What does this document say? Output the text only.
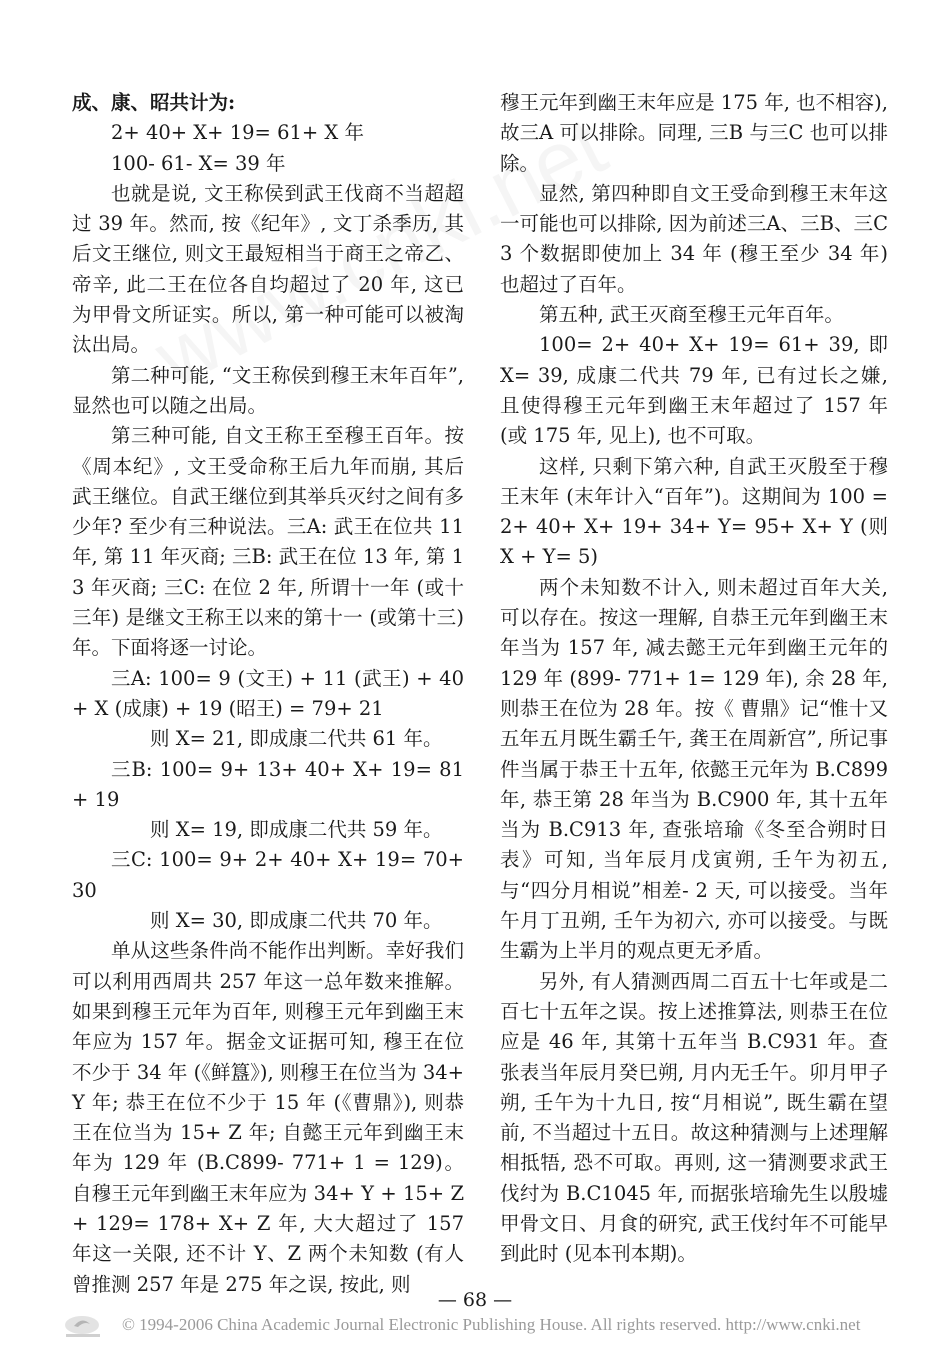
成、康、昭共计为:

2+ 40+ X+ 19= 61+ X 年

100- 61- X= 39 年

也就是说, 文王称侯到武王伐商不当超超过 39 年。然而, 按《纪年》, 文丁杀季历, 其后文王继位, 则文王最短相当于商王之帝乙、帝辛, 此二王在位各自均超过了 20 年, 这已为甲骨文所证实。所以, 第一种可能可以被淘汰出局。

第二种可能, “文王称侯到穆王末年百年”, 显然也可以随之出局。

第三种可能, 自文王称王至穆王百年。按《周本纪》, 文王受命称王后九年而崩, 其后武王继位。自武王继位到其举兵灭纣之间有多少年? 至少有三种说法。三A: 武王在位共 11 年, 第 11 年灭商; 三B: 武王在位 13 年, 第 13 年灭商; 三C: 在位 2 年, 所谓十一年 (或十三年) 是继文王称王以来的第十一 (或第十三) 年。下面将逐一讨论。

三A: 100= 9 (文王) + 11 (武王) + 40+ X (成康) + 19 (昭王) = 79+ 21

则 X= 21, 即成康二代共 61 年。

三B: 100= 9+ 13+ 40+ X+ 19= 81+ 19

则 X= 19, 即成康二代共 59 年。

三C: 100= 9+ 2+ 40+ X+ 19= 70+ 30

则 X= 30, 即成康二代共 70 年。

单从这些条件尚不能作出判断。幸好我们可以利用西周共 257 年这一总年数来推解。如果到穆王元年为百年, 则穆王元年到幽王末年应为 157 年。据金文证据可知, 穆王在位不少于 34 年 (《鲜簋》), 则穆王在位当为 34+ Y 年; 恭王在位不少于 15 年 (《曹鼎》), 则恭王在位当为 15+ Z 年; 自懿王元年到幽王末年为 129 年 (B.C899- 771+ 1 = 129)。自穆王元年到幽王末年应为 34+ Y + 15+ Z+ 129= 178+ X+ Z 年, 大大超过了 157 年这一关限, 还不计 Y、Z 两个未知数 (有人曾推测 257 年是 275 年之误, 按此, 则

穆王元年到幽王末年应是 175 年, 也不相容), 故三A 可以排除。同理, 三B 与三C 也可以排除。

显然, 第四种即自文王受命到穆王末年这一可能也可以排除, 因为前述三A、三B、三C3 个数据即使加上 34 年 (穆王至少 34 年) 也超过了百年。

第五种, 武王灭商至穆王元年百年。

100= 2+ 40+ X+ 19= 61+ 39, 即 X= 39, 成康二代共 79 年, 已有过长之嫌, 且使得穆王元年到幽王末年超过了 157 年 (或 175 年, 见上), 也不可取。

这样, 只剩下第六种, 自武王灭殷至于穆王末年 (末年计入“百年”)。这期间为 100 = 2+ 40+ X+ 19+ 34+ Y= 95+ X+ Y (则 X + Y= 5)

两个未知数不计入, 则未超过百年大关, 可以存在。按这一理解, 自恭王元年到幽王末年当为 157 年, 减去懿王元年到幽王元年的 129 年 (899- 771+ 1= 129 年), 余 28 年, 则恭王在位为 28 年。按《 曹鼎》记“惟十又五年五月既生霸壬午, 龚王在周新宫”, 所记事件当属于恭王十五年, 依懿王元年为 B.C899 年, 恭王第 28 年当为 B.C900 年, 其十五年当为 B.C913 年, 查张培瑜《冬至合朔时日表》可知, 当年辰月戊寅朔, 壬午为初五, 与“四分月相说”相差- 2 天, 可以接受。当年午月丁丑朔, 壬午为初六, 亦可以接受。与既生霸为上半月的观点更无矛盾。

另外, 有人猜测西周二百五十七年或是二百七十五年之误。按上述推算法, 则恭王在位应是 46 年, 其第十五年当 B.C931 年。查张表当年辰月癸巳朔, 月内无壬午。卯月甲子朔, 壬午为十九日, 按“月相说”, 既生霸在望前, 不当超过十五日。故这种猜测与上述理解相抵牾, 恐不可取。再则, 这一猜测要求武王伐纣为 B.C1045 年, 而据张培瑜先生以殷墟甲骨文日、月食的研究, 武王伐纣年不可能早到此时 (见本刊本期)。

— 68 —
© 1994-2006 China Academic Journal Electronic Publishing House. All rights reserved. http://www.cnki.net
